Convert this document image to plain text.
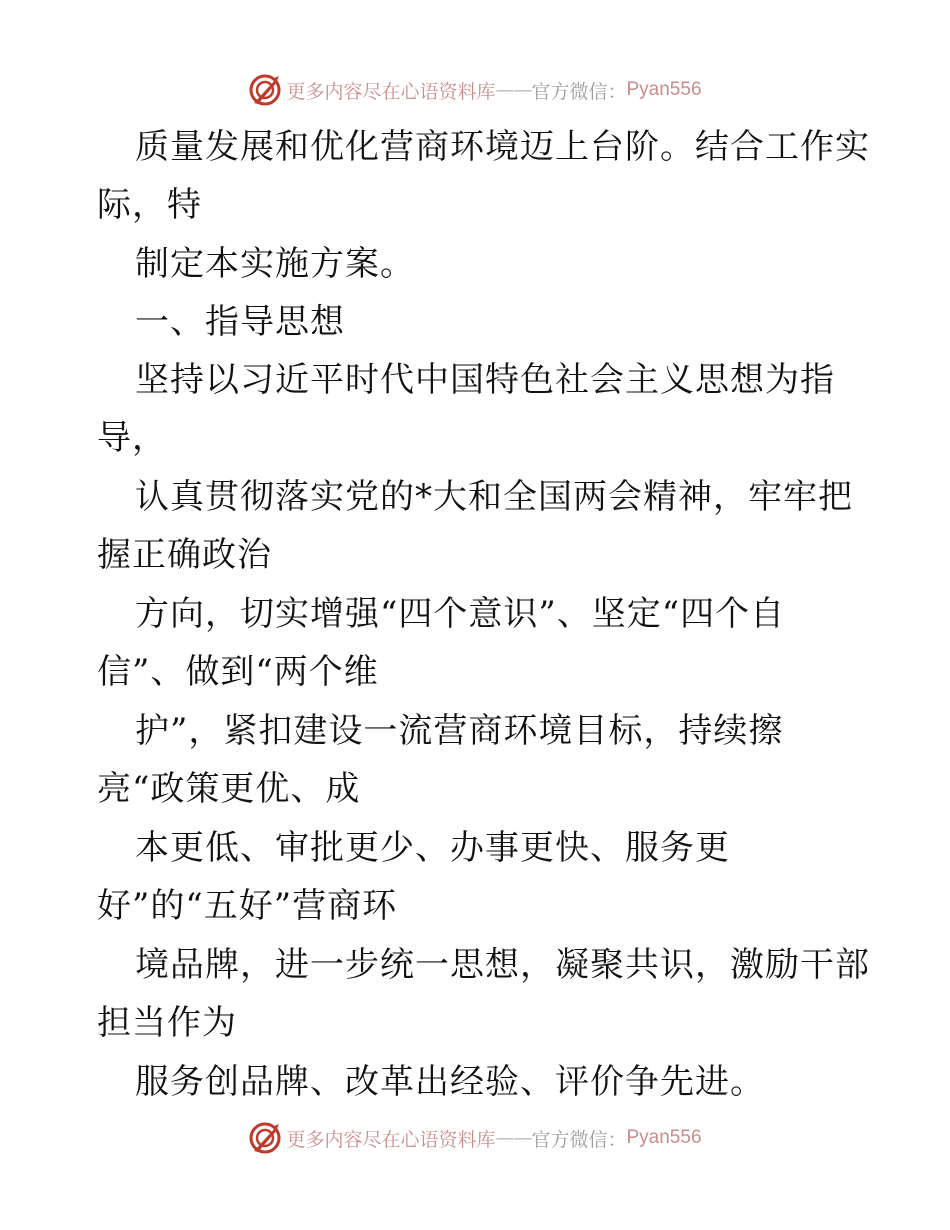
更多内容尽在心语资料库 —— 官方微信： Pyan556
质量发展和优化营商环境迈上台阶。结合工作实
际，特
制定本实施方案。
一、指导思想
坚持以习近平时代中国特色社会主义思想为指
导，
认真贯彻落实党的*大和全国两会精神，牢牢把
握正确政治
方向，切实增强“四个意识”、坚定“四个自
信”、做到“两个维
护”，紧扣建设一流营商环境目标，持续擦
亮“政策更优、成
本更低、审批更少、办事更快、服务更
好”的“五好”营商环
境品牌，进一步统一思想，凝聚共识，激励干部
担当作为
服务创品牌、改革出经验、评价争先进。
更多内容尽在心语资料库 —— 官方微信： Pyan556
